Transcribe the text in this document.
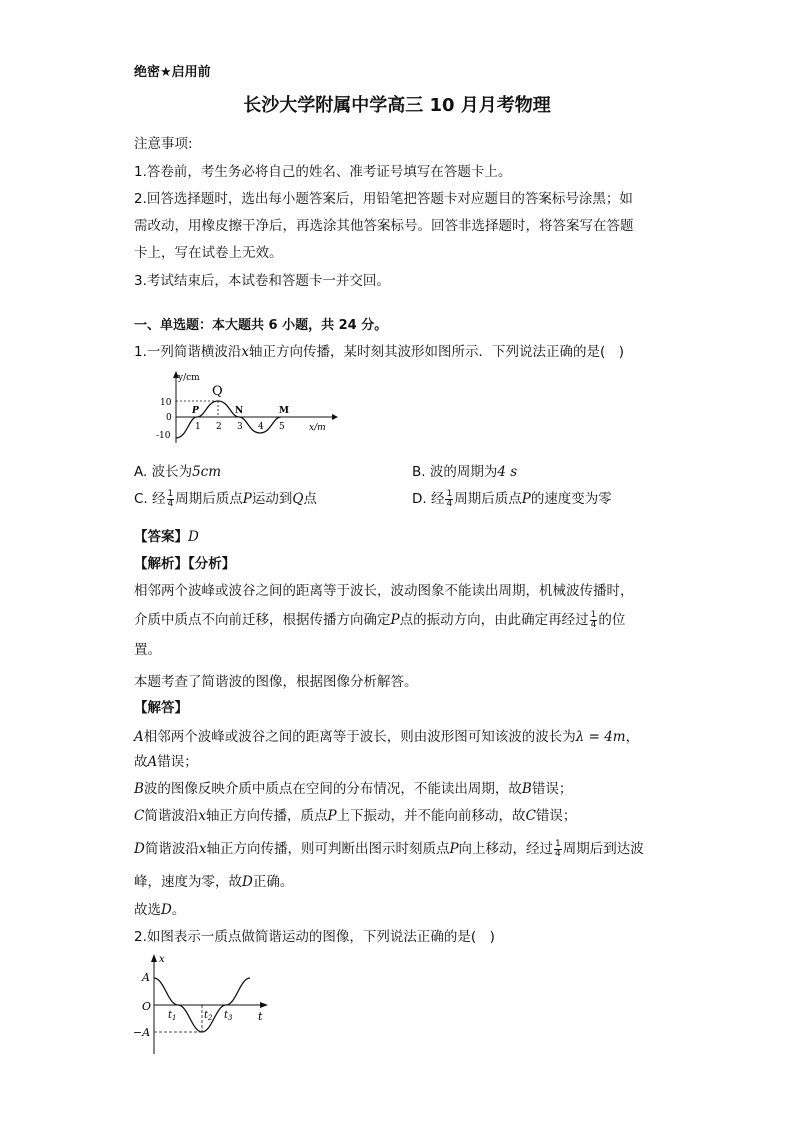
绝密★启用前
长沙大学附属中学高三 10 月月考物理
注意事项:
1.答卷前，考生务必将自己的姓名、准考证号填写在答题卡上。
2.回答选择题时，选出每小题答案后，用铅笔把答题卡对应题目的答案标号涂黑；如
需改动，用橡皮擦干净后，再选涂其他答案标号。回答非选择题时，将答案写在答题
卡上，写在试卷上无效。
3.考试结束后，本试卷和答题卡一并交回。
一、单选题：本大题共 6 小题，共 24 分。
1.一列简谐横波沿x轴正方向传播，某时刻其波形如图所示．下列说法正确的是(　)
y/cm
x/m
10
0
-10
1 2 3 4 5
P
Q
N	M
A. 波长为5cm	B. 波的周期为4 s
C. 经 $\frac{1}{4}$ 周期后质点P运动到Q点	D. 经 $\frac{1}{4}$ 周期后质点P的速度变为零
【答案】D
【解析】【分析】
相邻两个波峰或波谷之间的距离等于波长，波动图象不能读出周期，机械波传播时，
介质中质点不向前迁移，根据传播方向确定P点的振动方向，由此确定再经过 $\frac{1}{4}$ 的位
置。
本题考查了简谐波的图像，根据图像分析解答。
【解答】
A相邻两个波峰或波谷之间的距离等于波长，则由波形图可知该波的波长为λ = 4m，
故A错误；
B波的图像反映介质中质点在空间的分布情况，不能读出周期，故B错误；
C简谐波沿x轴正方向传播，质点P上下振动，并不能向前移动，故C错误；
D简谐波沿x轴正方向传播，则可判断出图示时刻质点P向上移动，经过 $\frac{1}{4}$ 周期后到达波
峰，速度为零，故D正确。
故选D。
2.如图表示一质点做简谐运动的图像，下列说法正确的是(　)
x
A
O
−A
t
$t_1$	$t_2$ $t_3$
